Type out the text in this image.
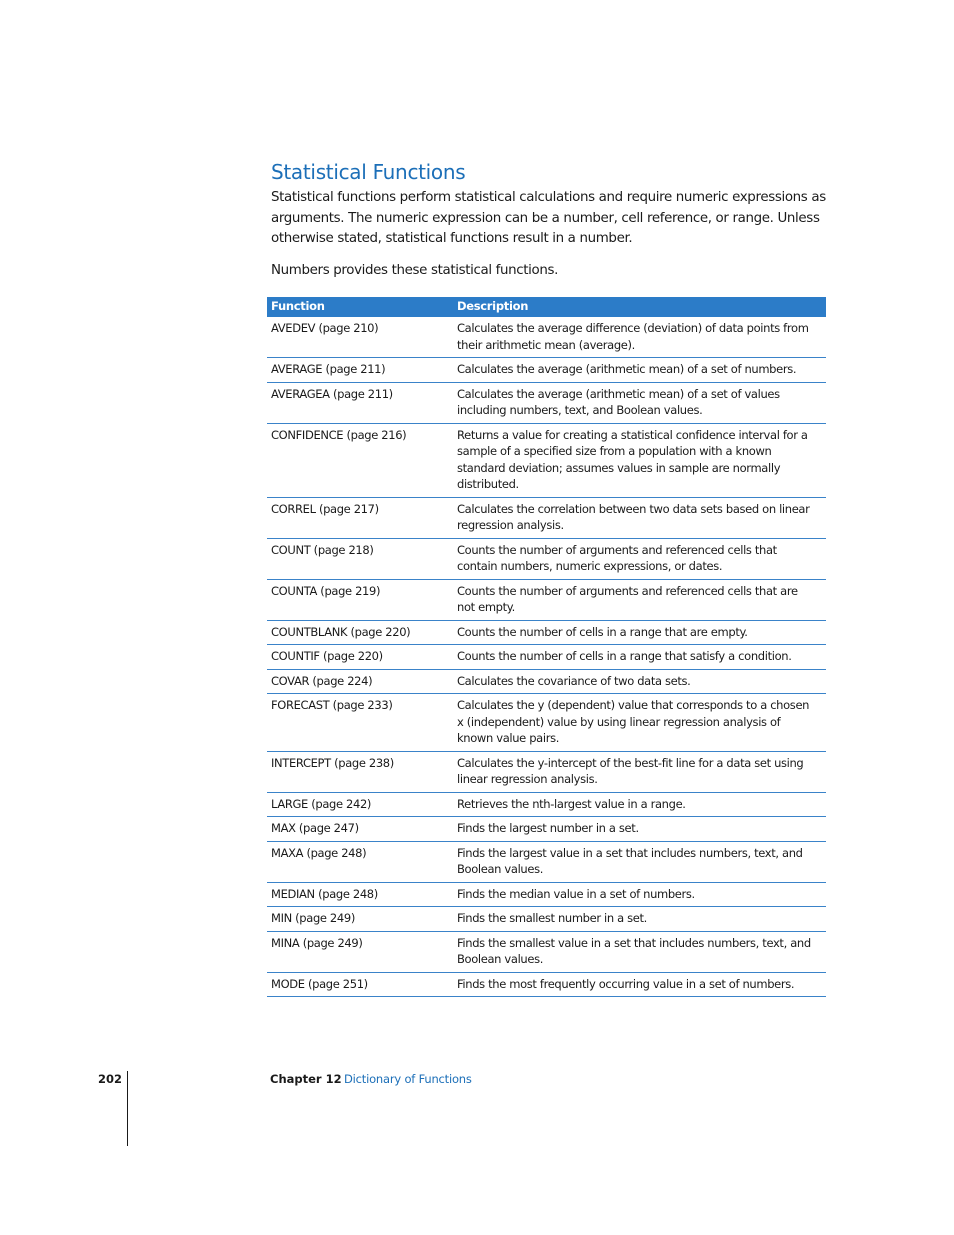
Statistical Functions

Statistical functions perform statistical calculations and require numeric expressions as arguments. The numeric expression can be a number, cell reference, or range. Unless otherwise stated, statistical functions result in a number.

Numbers provides these statistical functions.

Function	Description
AVEDEV (page 210)	Calculates the average difference (deviation) of data points from their arithmetic mean (average).
AVERAGE (page 211)	Calculates the average (arithmetic mean) of a set of numbers.
AVERAGEA (page 211)	Calculates the average (arithmetic mean) of a set of values including numbers, text, and Boolean values.
CONFIDENCE (page 216)	Returns a value for creating a statistical confidence interval for a sample of a specified size from a population with a known standard deviation; assumes values in sample are normally distributed.
CORREL (page 217)	Calculates the correlation between two data sets based on linear regression analysis.
COUNT (page 218)	Counts the number of arguments and referenced cells that contain numbers, numeric expressions, or dates.
COUNTA (page 219)	Counts the number of arguments and referenced cells that are not empty.
COUNTBLANK (page 220)	Counts the number of cells in a range that are empty.
COUNTIF (page 220)	Counts the number of cells in a range that satisfy a condition.
COVAR (page 224)	Calculates the covariance of two data sets.
FORECAST (page 233)	Calculates the y (dependent) value that corresponds to a chosen x (independent) value by using linear regression analysis of known value pairs.
INTERCEPT (page 238)	Calculates the y-intercept of the best-fit line for a data set using linear regression analysis.
LARGE (page 242)	Retrieves the nth-largest value in a range.
MAX (page 247)	Finds the largest number in a set.
MAXA (page 248)	Finds the largest value in a set that includes numbers, text, and Boolean values.
MEDIAN (page 248)	Finds the median value in a set of numbers.
MIN (page 249)	Finds the smallest number in a set.
MINA (page 249)	Finds the smallest value in a set that includes numbers, text, and Boolean values.
MODE (page 251)	Finds the most frequently occurring value in a set of numbers.
202	Chapter 12 Dictionary of Functions
